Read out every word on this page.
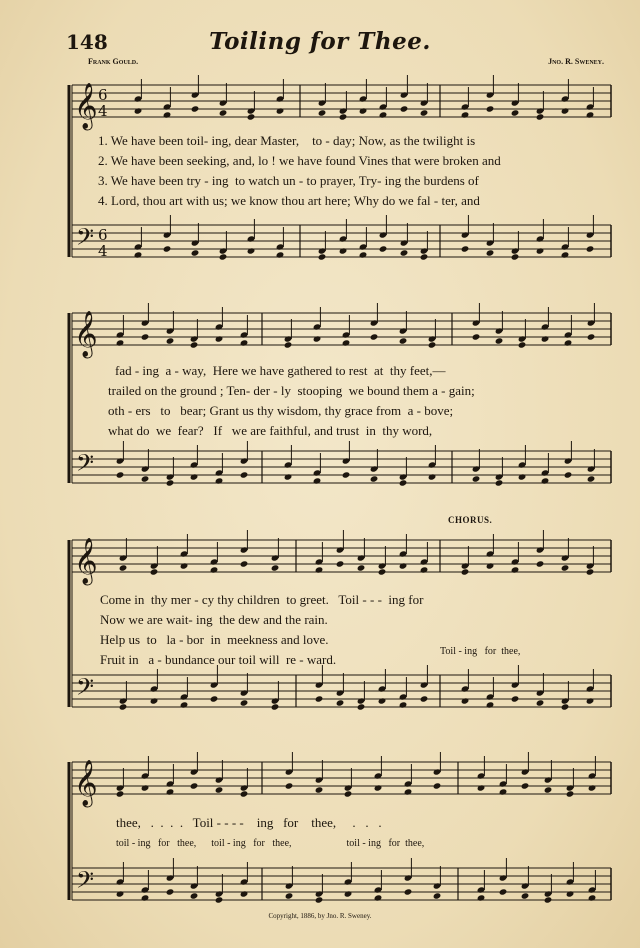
148	Toiling for Thee.
Frank Gould.	Jno. R. Sweney.
𝄞
𝄢
6
4
6
4
𝄞
𝄢
𝄞
𝄢
𝄞
𝄢
1. We have been toil- ing, dear Master,    to - day; Now, as the twilight is
2. We have been seeking, and, lo ! we have found Vines that were broken and
3. We have been try - ing  to watch un - to prayer, Try- ing the burdens of
4. Lord, thou art with us; we know thou art here; Why do we fal - ter, and
fad - ing  a - way,  Here we have gathered to rest  at  thy feet,—
trailed on the ground ; Ten- der - ly  stooping  we bound them a - gain;
oth - ers   to   bear; Grant us thy wisdom, thy grace from  a - bove;
what do  we  fear?   If   we are faithful, and trust  in  thy word,
CHORUS.
Come in  thy mer - cy thy children  to greet.   Toil - - -  ing for
Now we are wait- ing  the dew and the rain.
Help us  to   la - bor  in  meekness and love.
Fruit in   a - bundance our toil will  re - ward.
Toil - ing   for  thee,
thee,   .  .  .  .   Toil - - - -    ing   for    thee,     .   .   .
toil - ing   for   thee,      toil - ing   for   thee,                      toil - ing   for  thee,
Copyright, 1886, by Jno. R. Sweney.
